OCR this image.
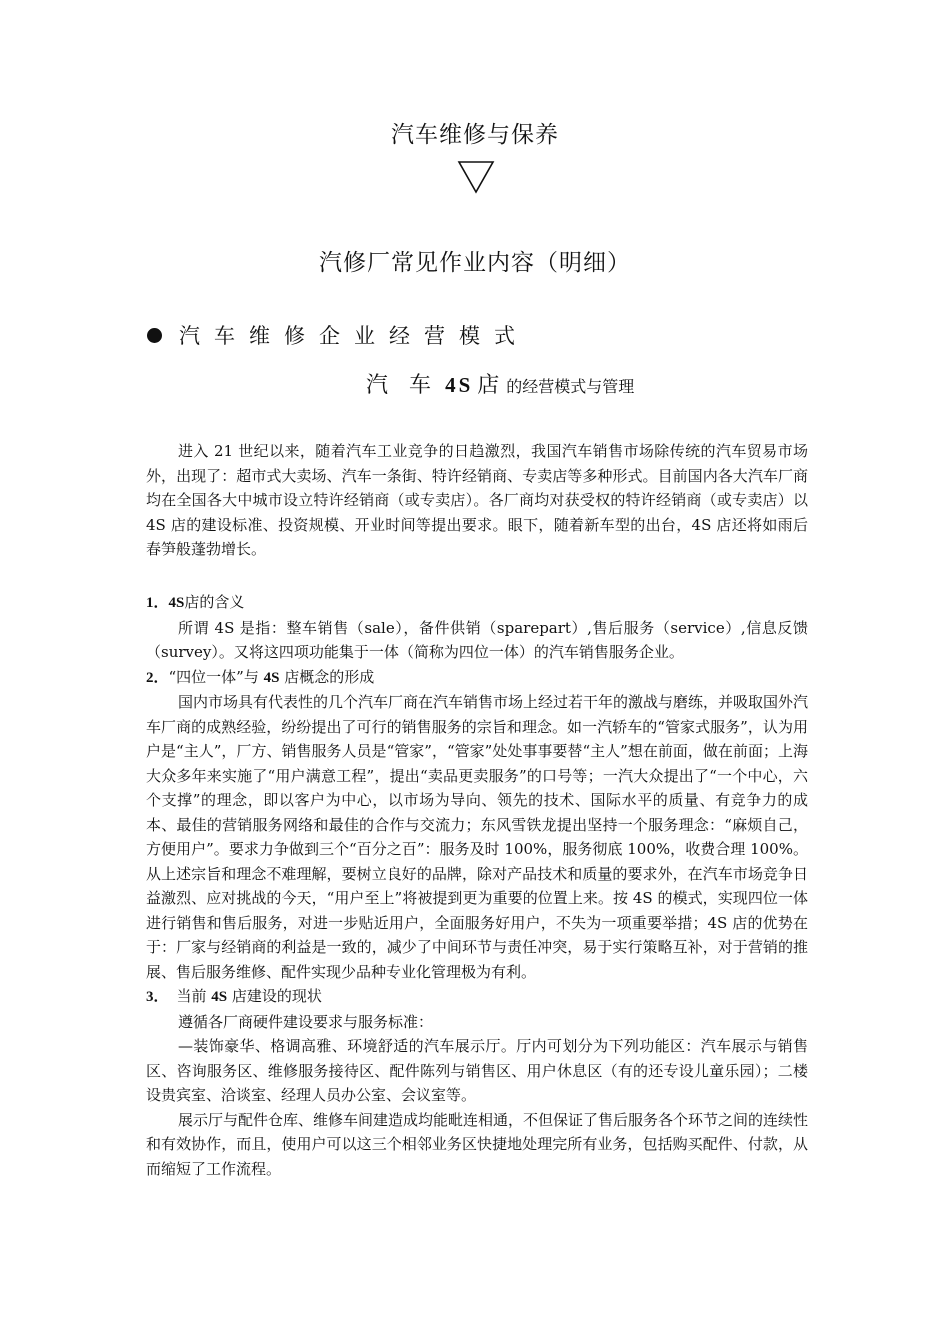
汽车维修与保养
汽修厂常见作业内容（明细）
汽车维修企业经营模式
汽 车 4S 店的经营模式与管理

进入 21 世纪以来，随着汽车工业竞争的日趋激烈，我国汽车销售市场除传统的汽车贸易市场外，出现了：超市式大卖场、汽车一条街、特许经销商、专卖店等多种形式。目前国内各大汽车厂商均在全国各大中城市设立特许经销商（或专卖店）。各厂商均对获受权的特许经销商（或专卖店）以 4S 店的建设标准、投资规模、开业时间等提出要求。眼下，随着新车型的出台，4S 店还将如雨后春笋般蓬勃增长。

1．4S店的含义

所谓 4S 是指：整车销售（sale），备件供销（sparepart）,售后服务（service）,信息反馈（survey）。又将这四项功能集于一体（简称为四位一体）的汽车销售服务企业。

2．“四位一体”与 4S 店概念的形成

国内市场具有代表性的几个汽车厂商在汽车销售市场上经过若干年的激战与磨练，并吸取国外汽车厂商的成熟经验，纷纷提出了可行的销售服务的宗旨和理念。如一汽轿车的“管家式服务”，认为用户是“主人”，厂方、销售服务人员是“管家”，“管家”处处事事要替“主人”想在前面，做在前面；上海大众多年来实施了“用户满意工程”，提出“卖品更卖服务”的口号等；一汽大众提出了“一个中心，六个支撑”的理念，即以客户为中心，以市场为导向、领先的技术、国际水平的质量、有竞争力的成本、最佳的营销服务网络和最佳的合作与交流力；东风雪铁龙提出坚持一个服务理念：“麻烦自己，方便用户”。要求力争做到三个“百分之百”：服务及时 100%，服务彻底 100%，收费合理 100%。从上述宗旨和理念不难理解，要树立良好的品牌，除对产品技术和质量的要求外，在汽车市场竞争日益激烈、应对挑战的今天，“用户至上”将被提到更为重要的位置上来。按 4S 的模式，实现四位一体进行销售和售后服务，对进一步贴近用户，全面服务好用户，不失为一项重要举措；4S 店的优势在于：厂家与经销商的利益是一致的，减少了中间环节与责任冲突，易于实行策略互补，对于营销的推展、售后服务维修、配件实现少品种专业化管理极为有利。

3． 当前 4S 店建设的现状

遵循各厂商硬件建设要求与服务标准：

—装饰豪华、格调高雅、环境舒适的汽车展示厅。厅内可划分为下列功能区：汽车展示与销售区、咨询服务区、维修服务接待区、配件陈列与销售区、用户休息区（有的还专设儿童乐园）；二楼设贵宾室、洽谈室、经理人员办公室、会议室等。

展示厅与配件仓库、维修车间建造成均能毗连相通，不但保证了售后服务各个环节之间的连续性和有效协作，而且，使用户可以这三个相邻业务区快捷地处理完所有业务，包括购买配件、付款，从而缩短了工作流程。
